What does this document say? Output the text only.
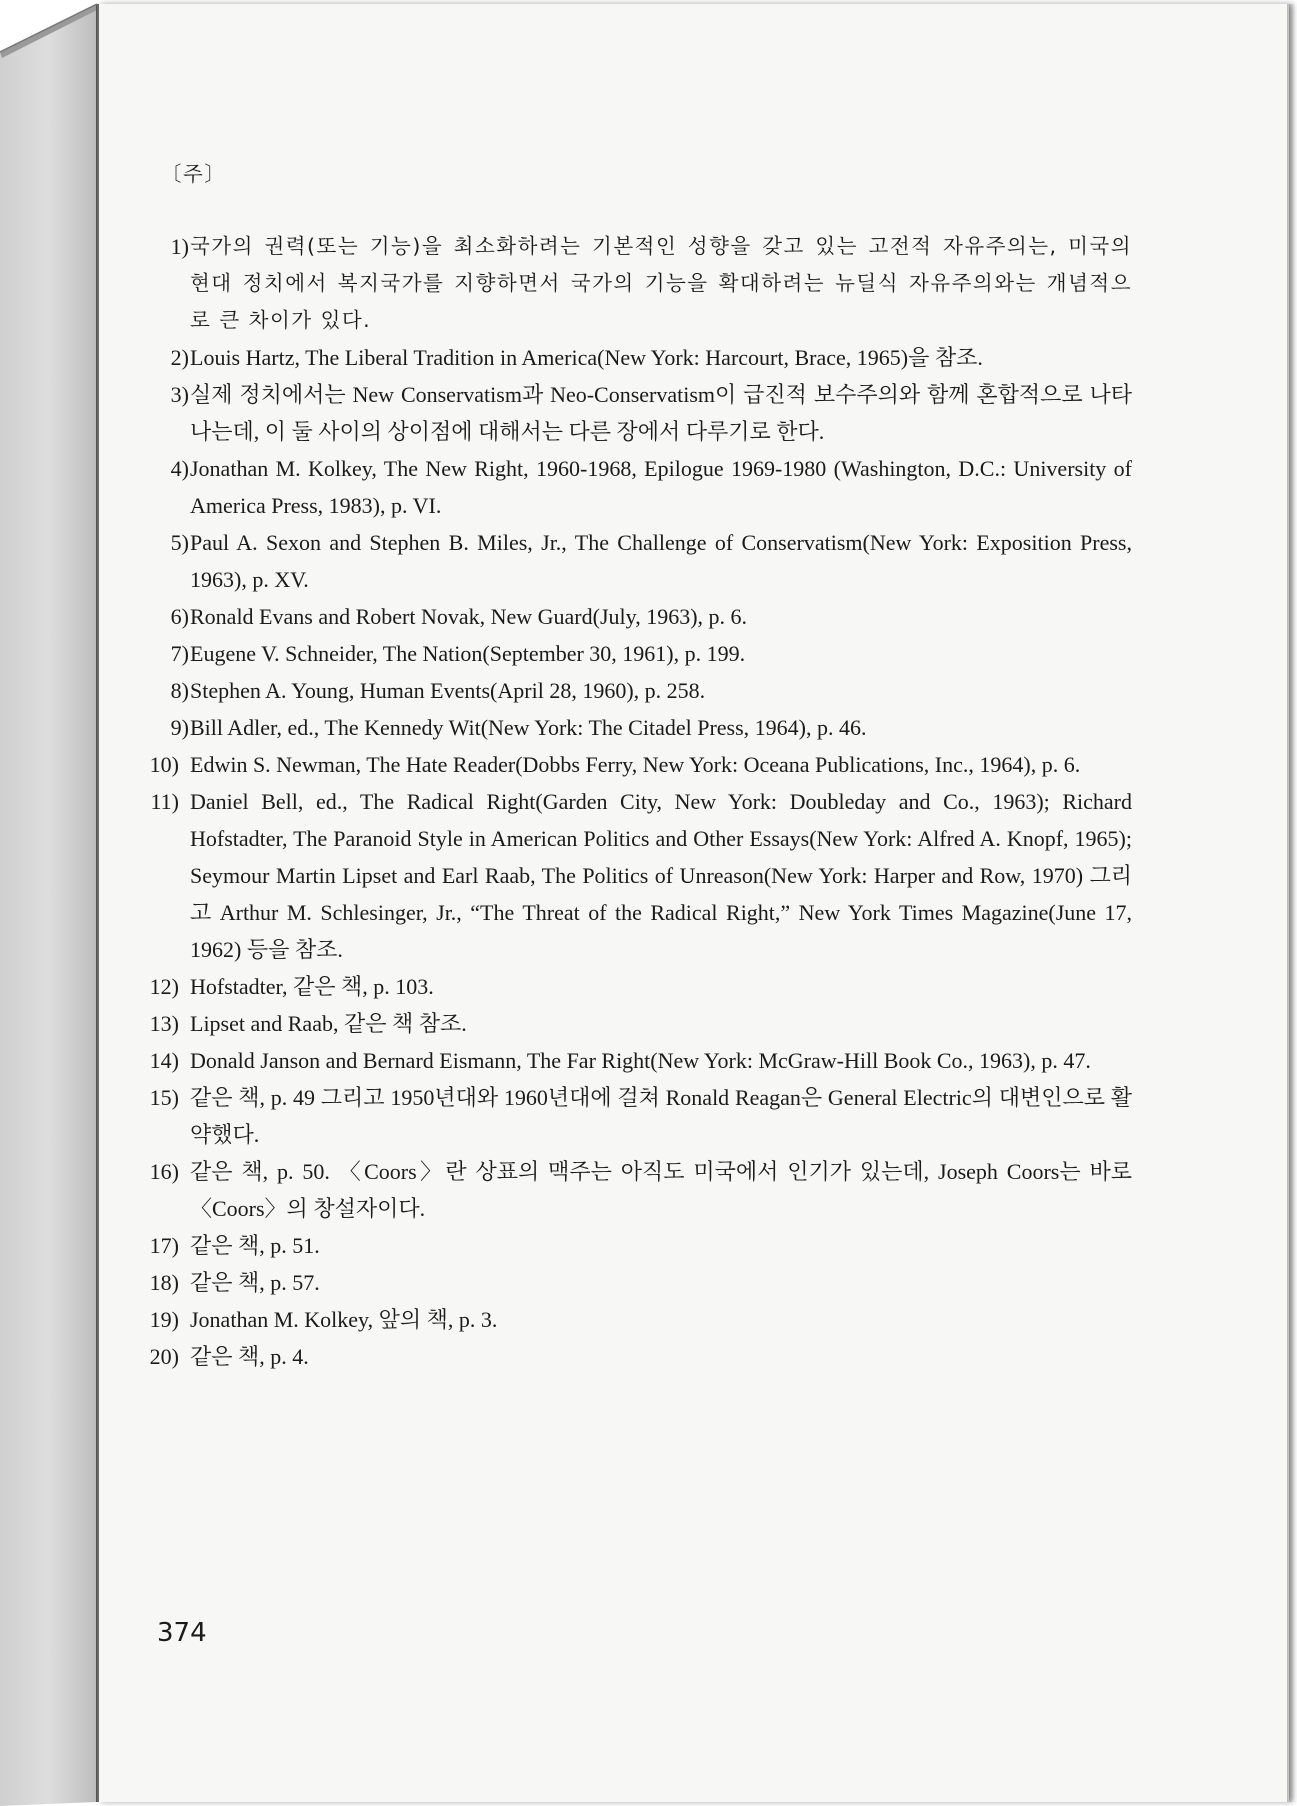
〔주〕
1) 국가의 권력(또는 기능)을 최소화하려는 기본적인 성향을 갖고 있는 고전적 자유주의는, 미국의 현대 정치에서 복지국가를 지향하면서 국가의 기능을 확대하려는 뉴딜식 자유주의와는 개념적으로 큰 차이가 있다.
2) Louis Hartz, The Liberal Tradition in America(New York: Harcourt, Brace, 1965)을 참조.
3) 실제 정치에서는 New Conservatism과 Neo-Conservatism이 급진적 보수주의와 함께 혼합적으로 나타나는데, 이 둘 사이의 상이점에 대해서는 다른 장에서 다루기로 한다.
4) Jonathan M. Kolkey, The New Right, 1960-1968, Epilogue 1969-1980 (Washington, D.C.: University of America Press, 1983), p. VI.
5) Paul A. Sexon and Stephen B. Miles, Jr., The Challenge of Conservatism(New York: Exposition Press, 1963), p. XV.
6) Ronald Evans and Robert Novak, New Guard(July, 1963), p. 6.
7) Eugene V. Schneider, The Nation(September 30, 1961), p. 199.
8) Stephen A. Young, Human Events(April 28, 1960), p. 258.
9) Bill Adler, ed., The Kennedy Wit(New York: The Citadel Press, 1964), p. 46.
10) Edwin S. Newman, The Hate Reader(Dobbs Ferry, New York: Oceana Publications, Inc., 1964), p. 6.
11) Daniel Bell, ed., The Radical Right(Garden City, New York: Doubleday and Co., 1963); Richard Hofstadter, The Paranoid Style in American Politics and Other Essays(New York: Alfred A. Knopf, 1965); Seymour Martin Lipset and Earl Raab, The Politics of Unreason(New York: Harper and Row, 1970) 그리고 Arthur M. Schlesinger, Jr., “The Threat of the Radical Right,” New York Times Magazine(June 17, 1962) 등을 참조.
12) Hofstadter, 같은 책, p. 103.
13) Lipset and Raab, 같은 책 참조.
14) Donald Janson and Bernard Eismann, The Far Right(New York: McGraw-Hill Book Co., 1963), p. 47.
15) 같은 책, p. 49 그리고 1950년대와 1960년대에 걸쳐 Ronald Reagan은 General Electric의 대변인으로 활약했다.
16) 같은 책, p. 50. 〈Coors〉란 상표의 맥주는 아직도 미국에서 인기가 있는데, Joseph Coors는 바로 〈Coors〉의 창설자이다.
17) 같은 책, p. 51.
18) 같은 책, p. 57.
19) Jonathan M. Kolkey, 앞의 책, p. 3.
20) 같은 책, p. 4.
374
